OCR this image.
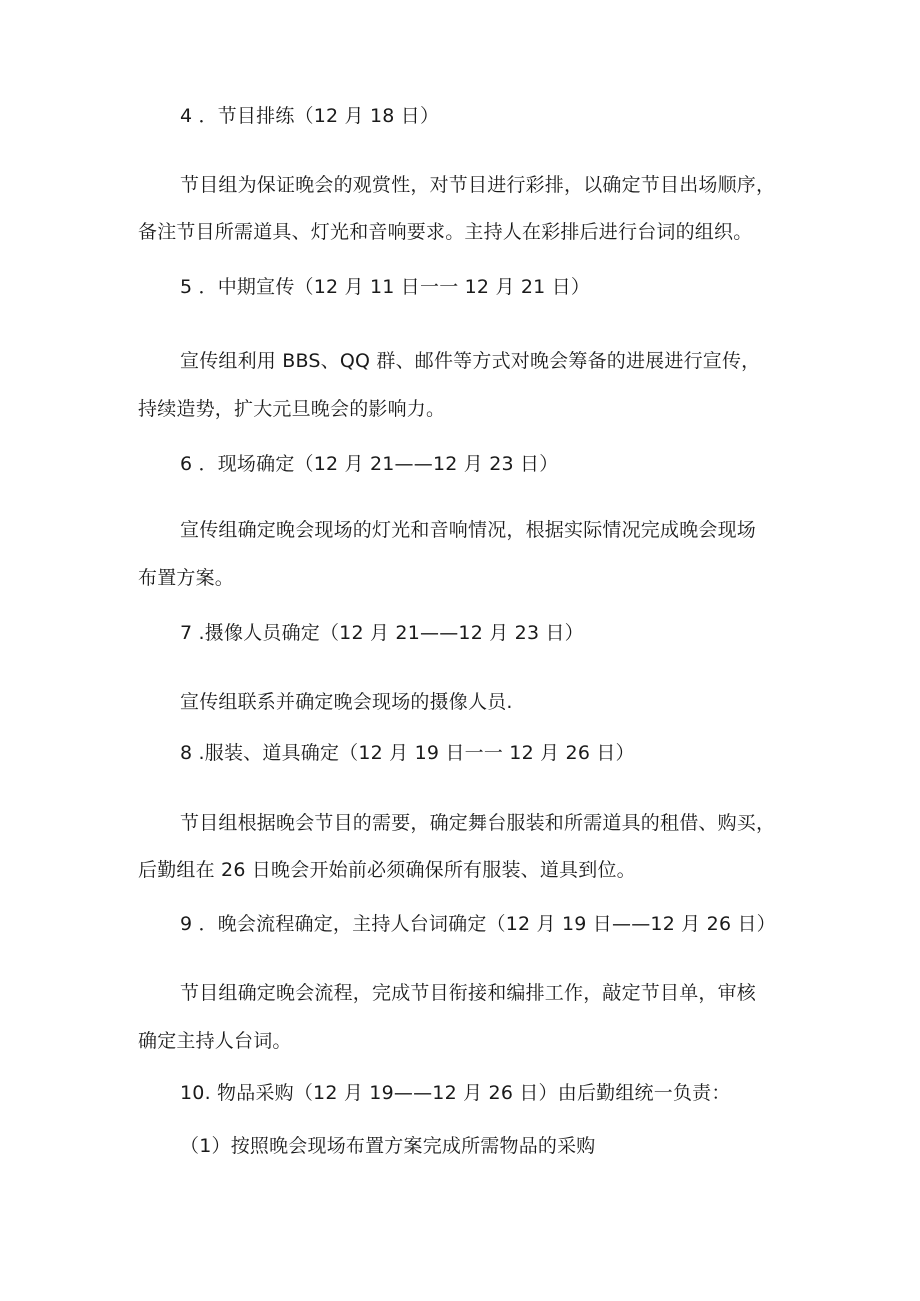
4 ．节目排练（12 月 18 日）
节目组为保证晚会的观赏性，对节目进行彩排，以确定节目出场顺序，
备注节目所需道具、灯光和音响要求。主持人在彩排后进行台词的组织。
5 ．中期宣传（12 月 11 日一一 12 月 21 日）
宣传组利用 BBS、QQ 群、邮件等方式对晚会筹备的进展进行宣传，
持续造势，扩大元旦晚会的影响力。
6 ．现场确定（12 月 21——12 月 23 日）
宣传组确定晚会现场的灯光和音响情况，根据实际情况完成晚会现场
布置方案。
7 .摄像人员确定（12 月 21——12 月 23 日）
宣传组联系并确定晚会现场的摄像人员.
8 .服装、道具确定（12 月 19 日一一 12 月 26 日）
节目组根据晚会节目的需要，确定舞台服装和所需道具的租借、购买，
后勤组在 26 日晚会开始前必须确保所有服装、道具到位。
9 ．晚会流程确定，主持人台词确定（12 月 19 日——12 月 26 日）
节目组确定晚会流程，完成节目衔接和编排工作，敲定节目单，审核
确定主持人台词。
10. 物品采购（12 月 19——12 月 26 日）由后勤组统一负责：
（1）按照晚会现场布置方案完成所需物品的采购
